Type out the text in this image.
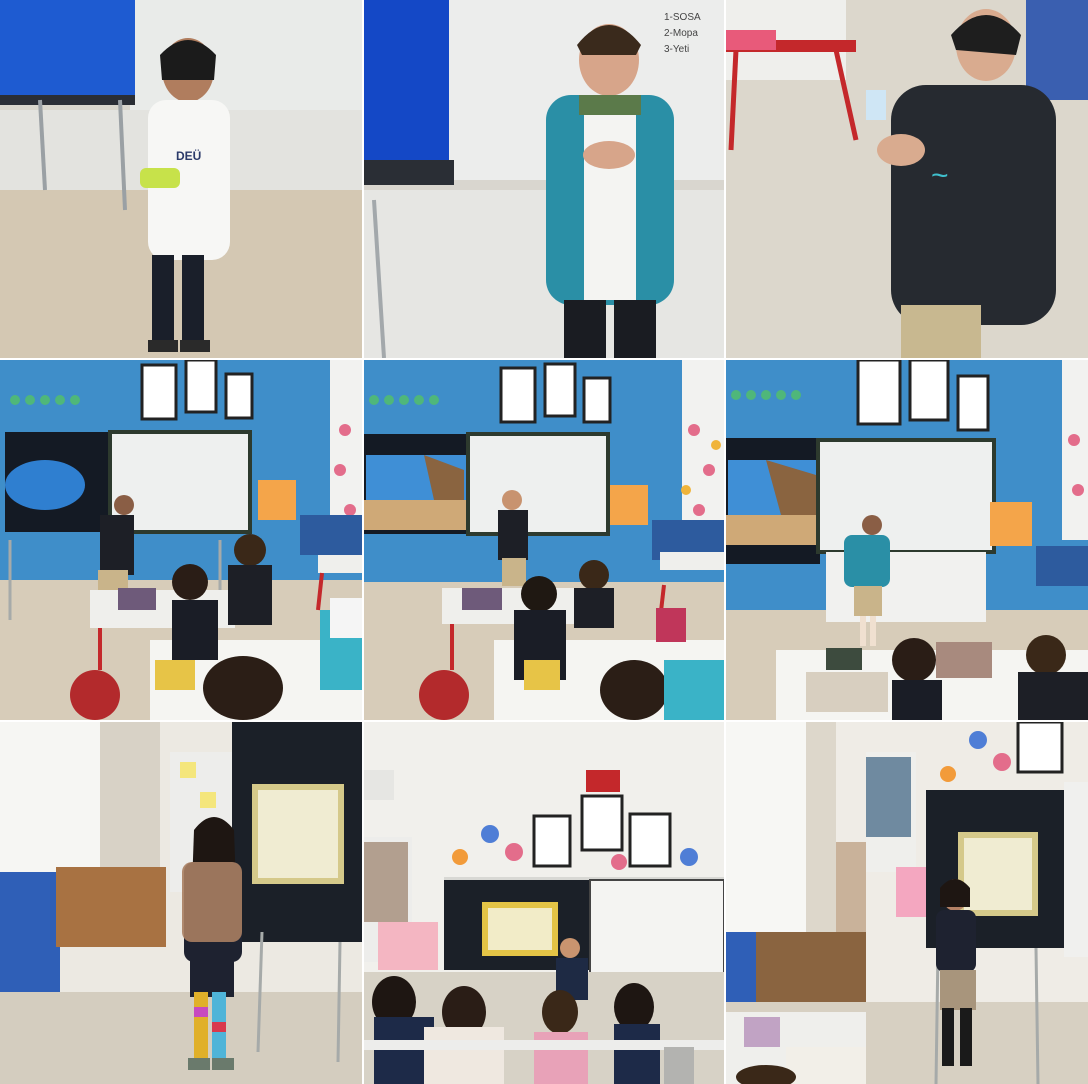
DEÜ
1-SOSA
2-Mopa
3-Yeti
~
